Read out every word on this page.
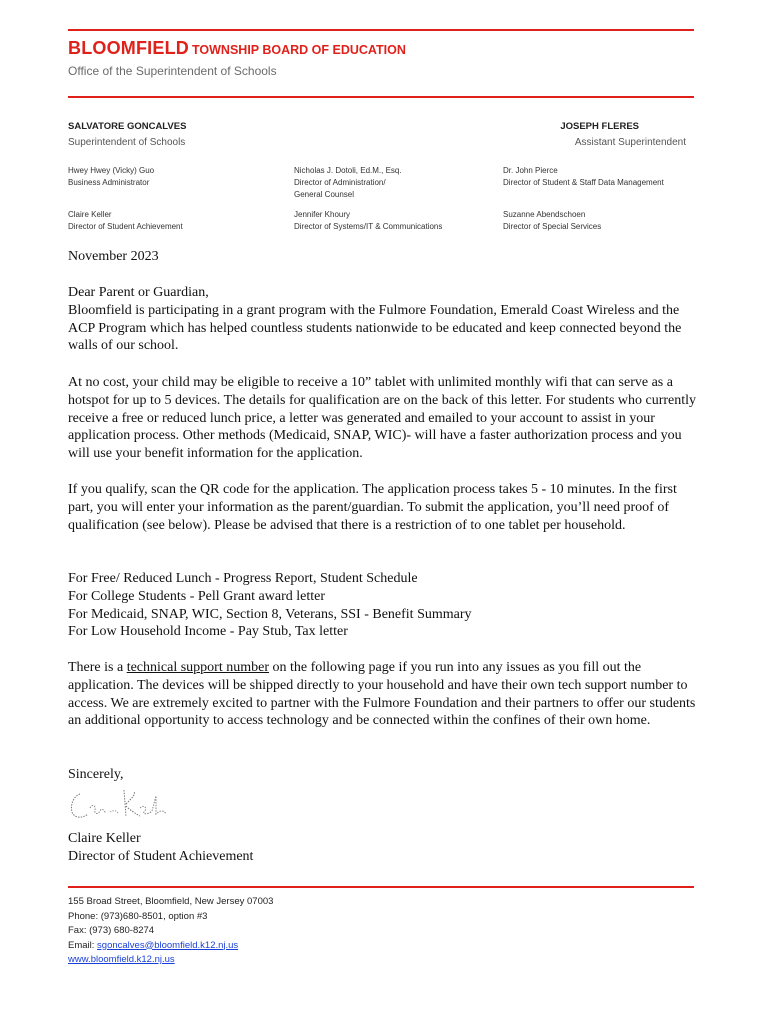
BLOOMFIELD TOWNSHIP BOARD OF EDUCATION
Office of the Superintendent of Schools
SALVATORE GONCALVES
Superintendent of Schools
JOSEPH FLERES
Assistant Superintendent
Hwey Hwey (Vicky) Guo
Business Administrator
Nicholas J. Dotoli, Ed.M., Esq.
Director of Administration/
General Counsel
Dr. John Pierce
Director of Student & Staff Data Management
Claire Keller
Director of Student Achievement
Jennifer Khoury
Director of Systems/IT & Communications
Suzanne Abendschoen
Director of Special Services
November 2023

Dear Parent or Guardian,

Bloomfield is participating in a grant program with the Fulmore Foundation, Emerald Coast Wireless and the ACP Program which has helped countless students nationwide to be educated and keep connected beyond the walls of our school.

At no cost, your child may be eligible to receive a 10” tablet with unlimited monthly wifi that can serve as a hotspot for up to 5 devices. The details for qualification are on the back of this letter. For students who currently receive a free or reduced lunch price, a letter was generated and emailed to your account to assist in your application process. Other methods (Medicaid, SNAP, WIC)- will have a faster authorization process and you will use your benefit information for the application.
If you qualify, scan the QR code for the application. The application process takes 5 - 10 minutes. In the first part, you will enter your information as the parent/guardian. To submit the application, you’ll need proof of qualification (see below). Please be advised that there is a restriction of to one tablet per household.

For Free/ Reduced Lunch - Progress Report, Student Schedule

For College Students - Pell Grant award letter

For Medicaid, SNAP, WIC, Section 8, Veterans, SSI - Benefit Summary

For Low Household Income - Pay Stub, Tax letter

There is a technical support number on the following page if you run into any issues as you fill out the application. The devices will be shipped directly to your household and have their own tech support number to access. We are extremely excited to partner with the Fulmore Foundation and their partners to offer our students an additional opportunity to access technology and be connected within the confines of their own home.
Sincerely,

Claire Keller

Director of Student Achievement

155 Broad Street, Bloomfield, New Jersey 07003
Phone: (973)680-8501, option #3
Fax: (973) 680-8274
Email: sgoncalves@bloomfield.k12.nj.us
www.bloomfield.k12.nj.us
